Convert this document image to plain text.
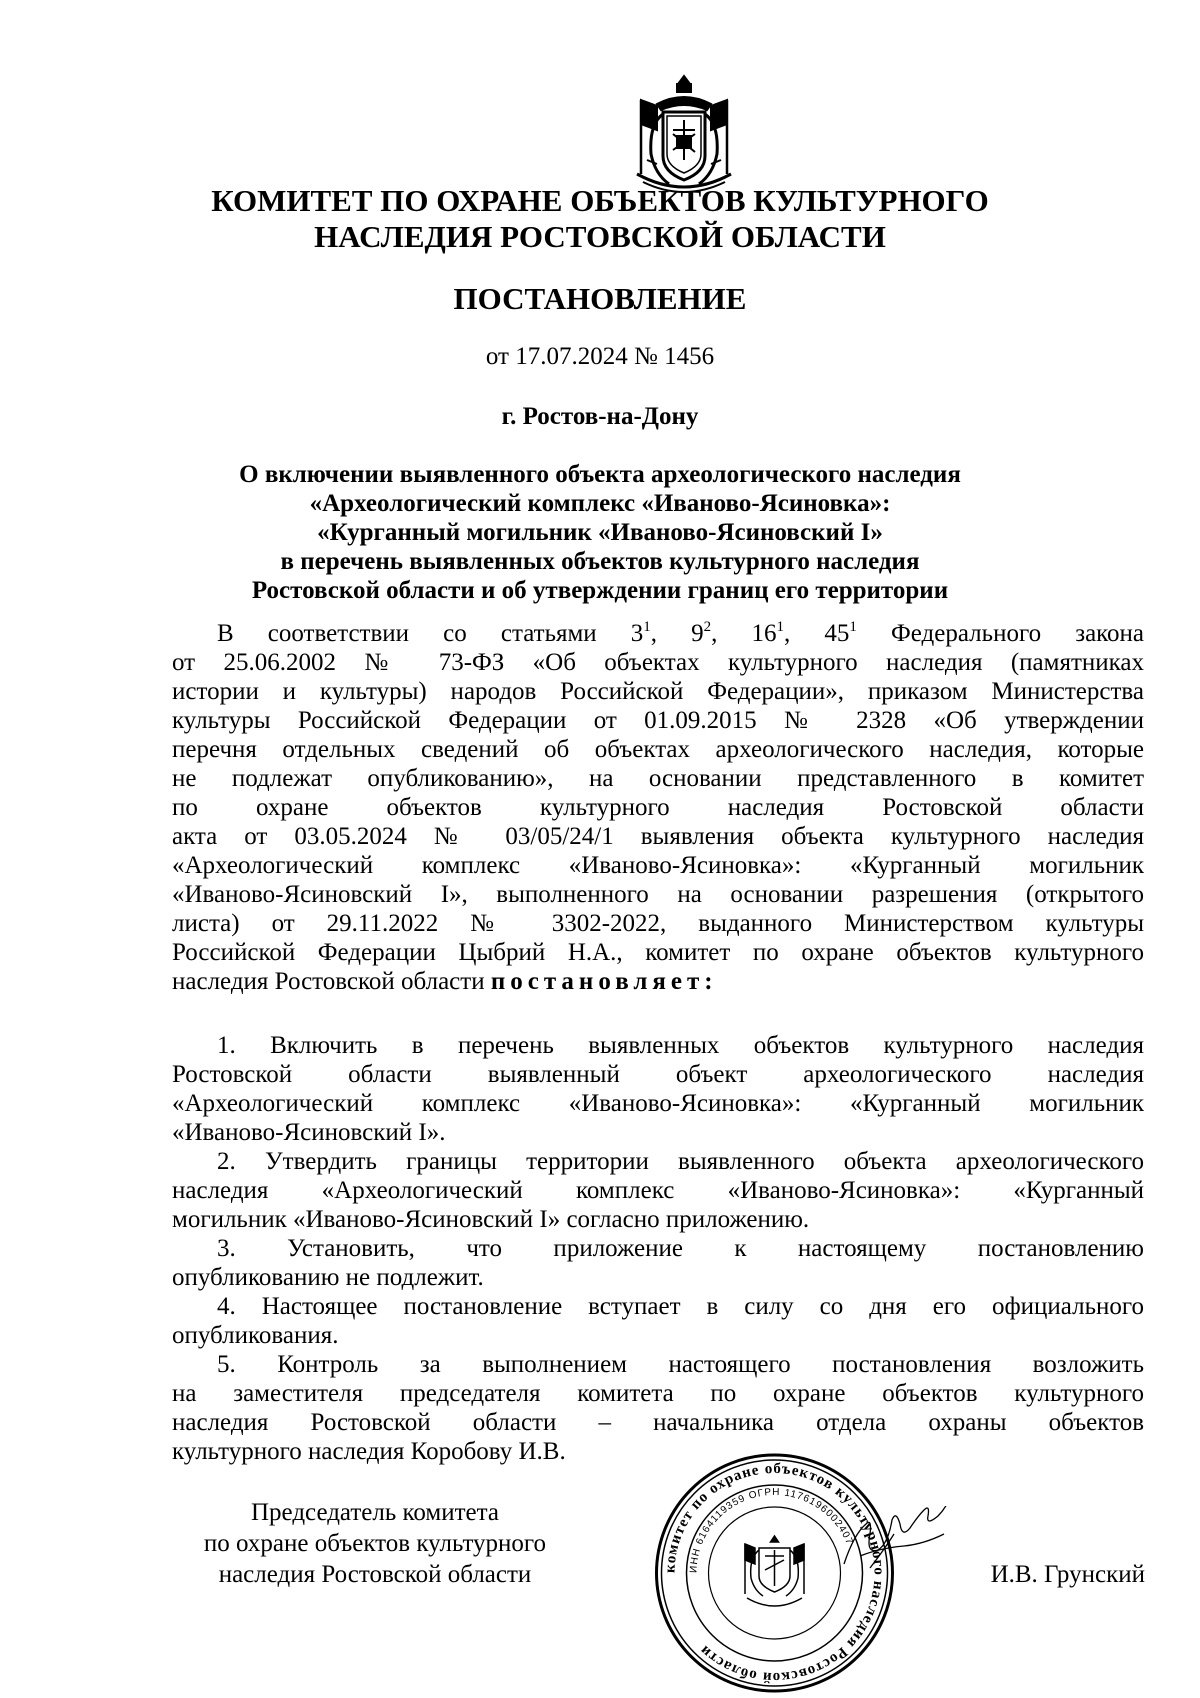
КОМИТЕТ ПО ОХРАНЕ ОБЪЕКТОВ КУЛЬТУРНОГО
НАСЛЕДИЯ РОСТОВСКОЙ ОБЛАСТИ
ПОСТАНОВЛЕНИЕ
от 17.07.2024 № 1456
г. Ростов-на-Дону
О включении выявленного объекта археологического наследия
«Археологический комплекс «Иваново-Ясиновка»:
«Курганный могильник «Иваново-Ясиновский I»
в перечень выявленных объектов культурного наследия
Ростовской области и об утверждении границ его территории
В соответствии со статьями $3^1$, $9^2$, $16^1$, $45^1$ Федерального закона
от 25.06.2002 № 73-ФЗ «Об объектах культурного наследия (памятниках
истории и культуры) народов Российской Федерации», приказом Министерства
культуры Российской Федерации от 01.09.2015 № 2328 «Об утверждении
перечня отдельных сведений об объектах археологического наследия, которые
не подлежат опубликованию», на основании представленного в комитет
по охране объектов культурного наследия Ростовской области
акта от 03.05.2024 № 03/05/24/1 выявления объекта культурного наследия
«Археологический комплекс «Иваново-Ясиновка»: «Курганный могильник
«Иваново-Ясиновский I», выполненного на основании разрешения (открытого
листа) от 29.11.2022 № 3302-2022, выданного Министерством культуры
Российской Федерации Цыбрий Н.А., комитет по охране объектов культурного
наследия Ростовской области постановляет:
1. Включить в перечень выявленных объектов культурного наследия
Ростовской области выявленный объект археологического наследия
«Археологический комплекс «Иваново-Ясиновка»: «Курганный могильник
«Иваново-Ясиновский I».
2. Утвердить границы территории выявленного объекта археологического
наследия «Археологический комплекс «Иваново-Ясиновка»: «Курганный
могильник «Иваново-Ясиновский I» согласно приложению.
3. Установить, что приложение к настоящему постановлению
опубликованию не подлежит.
4. Настоящее постановление вступает в силу со дня его официального
опубликования.
5. Контроль за выполнением настоящего постановления возложить
на заместителя председателя комитета по охране объектов культурного
наследия Ростовской области – начальника отдела охраны объектов
культурного наследия Коробову И.В.
Председатель комитета
по охране объектов культурного
наследия Ростовской области	комитет по охране объектов культурного наследия Ростовской области
ИНН 6164119359 ОГРН 1176196002407
И.В. Грунский
